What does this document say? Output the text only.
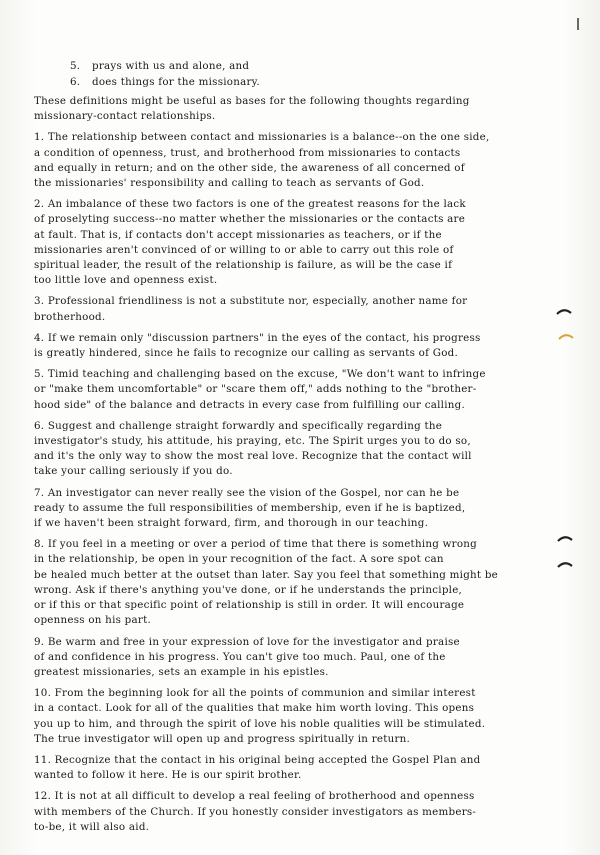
5. prays with us and alone, and
6. does things for the missionary.
These definitions might be useful as bases for the following thoughts regarding
missionary-contact relationships.
1. The relationship between contact and missionaries is a balance--on the one side,
a condition of openness, trust, and brotherhood from missionaries to contacts
and equally in return; and on the other side, the awareness of all concerned of
the missionaries' responsibility and calling to teach as servants of God.
2. An imbalance of these two factors is one of the greatest reasons for the lack
of proselyting success--no matter whether the missionaries or the contacts are
at fault. That is, if contacts don't accept missionaries as teachers, or if the
missionaries aren't convinced of or willing to or able to carry out this role of
spiritual leader, the result of the relationship is failure, as will be the case if
too little love and openness exist.
3. Professional friendliness is not a substitute nor, especially, another name for
brotherhood.
4. If we remain only "discussion partners" in the eyes of the contact, his progress
is greatly hindered, since he fails to recognize our calling as servants of God.
5. Timid teaching and challenging based on the excuse, "We don't want to infringe
or "make them uncomfortable" or "scare them off," adds nothing to the "brother-
hood side" of the balance and detracts in every case from fulfilling our calling.
6. Suggest and challenge straight forwardly and specifically regarding the
investigator's study, his attitude, his praying, etc. The Spirit urges you to do so,
and it's the only way to show the most real love. Recognize that the contact will
take your calling seriously if you do.
7. An investigator can never really see the vision of the Gospel, nor can he be
ready to assume the full responsibilities of membership, even if he is baptized,
if we haven't been straight forward, firm, and thorough in our teaching.
8. If you feel in a meeting or over a period of time that there is something wrong
in the relationship, be open in your recognition of the fact. A sore spot can
be healed much better at the outset than later. Say you feel that something might be
wrong. Ask if there's anything you've done, or if he understands the principle,
or if this or that specific point of relationship is still in order. It will encourage
openness on his part.
9. Be warm and free in your expression of love for the investigator and praise
of and confidence in his progress. You can't give too much. Paul, one of the
greatest missionaries, sets an example in his epistles.
10. From the beginning look for all the points of communion and similar interest
in a contact. Look for all of the qualities that make him worth loving. This opens
you up to him, and through the spirit of love his noble qualities will be stimulated.
The true investigator will open up and progress spiritually in return.
11. Recognize that the contact in his original being accepted the Gospel Plan and
wanted to follow it here. He is our spirit brother.
12. It is not at all difficult to develop a real feeling of brotherhood and openness
with members of the Church. If you honestly consider investigators as members-
to-be, it will also aid.
